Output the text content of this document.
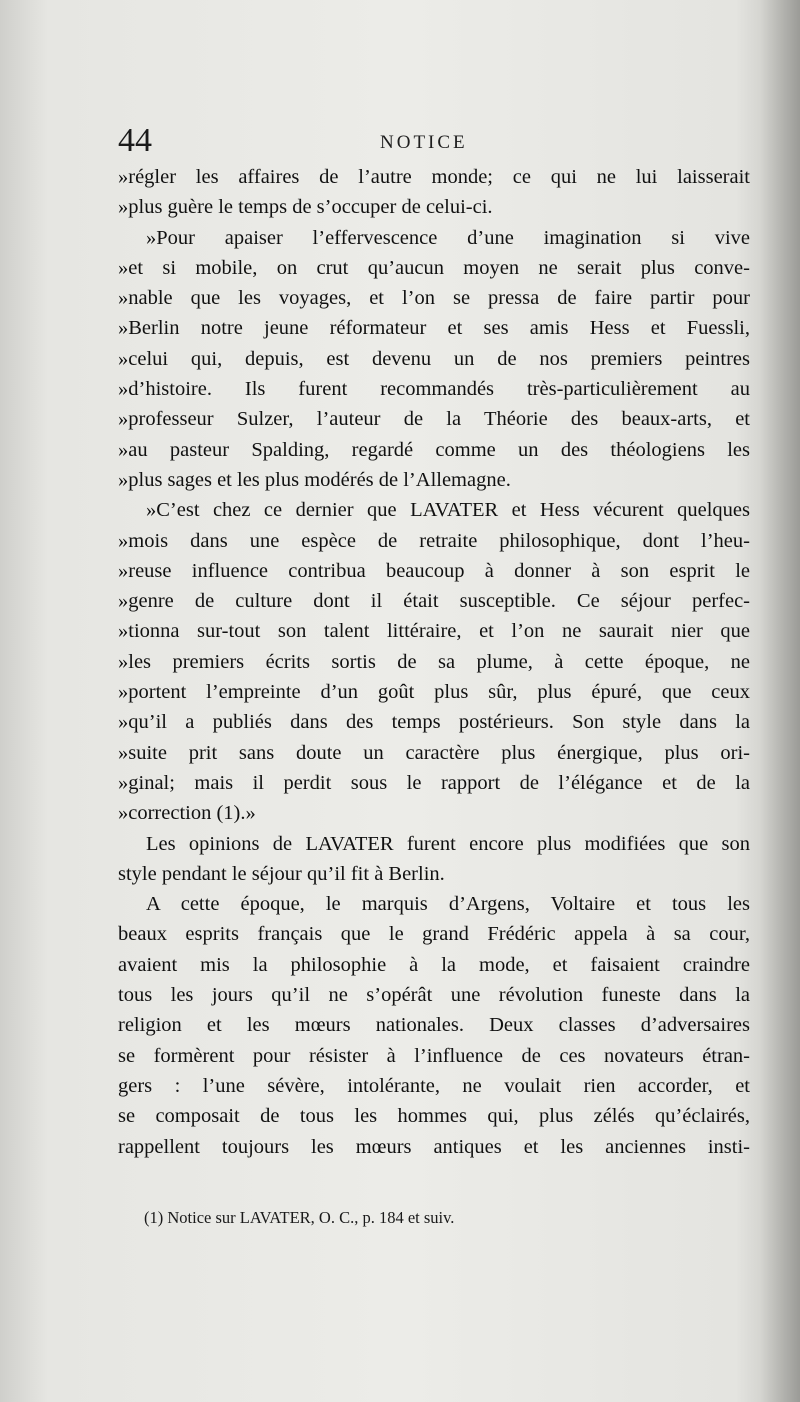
44	NOTICE
»régler les affaires de l’autre monde; ce qui ne lui laisserait
»plus guère le temps de s’occuper de celui-ci.
»Pour apaiser l’effervescence d’une imagination si vive
»et si mobile, on crut qu’aucun moyen ne serait plus conve-
»nable que les voyages, et l’on se pressa de faire partir pour
»Berlin notre jeune réformateur et ses amis Hess et Fuessli,
»celui qui, depuis, est devenu un de nos premiers peintres
»d’histoire. Ils furent recommandés très-particulièrement au
»professeur Sulzer, l’auteur de la Théorie des beaux-arts, et
»au pasteur Spalding, regardé comme un des théologiens les
»plus sages et les plus modérés de l’Allemagne.
»C’est chez ce dernier que LAVATER et Hess vécurent quelques
»mois dans une espèce de retraite philosophique, dont l’heu-
»reuse influence contribua beaucoup à donner à son esprit le
»genre de culture dont il était susceptible. Ce séjour perfec-
»tionna sur-tout son talent littéraire, et l’on ne saurait nier que
»les premiers écrits sortis de sa plume, à cette époque, ne
»portent l’empreinte d’un goût plus sûr, plus épuré, que ceux
»qu’il a publiés dans des temps postérieurs. Son style dans la
»suite prit sans doute un caractère plus énergique, plus ori-
»ginal; mais il perdit sous le rapport de l’élégance et de la
»correction (1).»
Les opinions de LAVATER furent encore plus modifiées que son
style pendant le séjour qu’il fit à Berlin.
A cette époque, le marquis d’Argens, Voltaire et tous les
beaux esprits français que le grand Frédéric appela à sa cour,
avaient mis la philosophie à la mode, et faisaient craindre
tous les jours qu’il ne s’opérât une révolution funeste dans la
religion et les mœurs nationales. Deux classes d’adversaires
se formèrent pour résister à l’influence de ces novateurs étran-
gers : l’une sévère, intolérante, ne voulait rien accorder, et
se composait de tous les hommes qui, plus zélés qu’éclairés,
rappellent toujours les mœurs antiques et les anciennes insti-
(1) Notice sur LAVATER, O. C., p. 184 et suiv.
